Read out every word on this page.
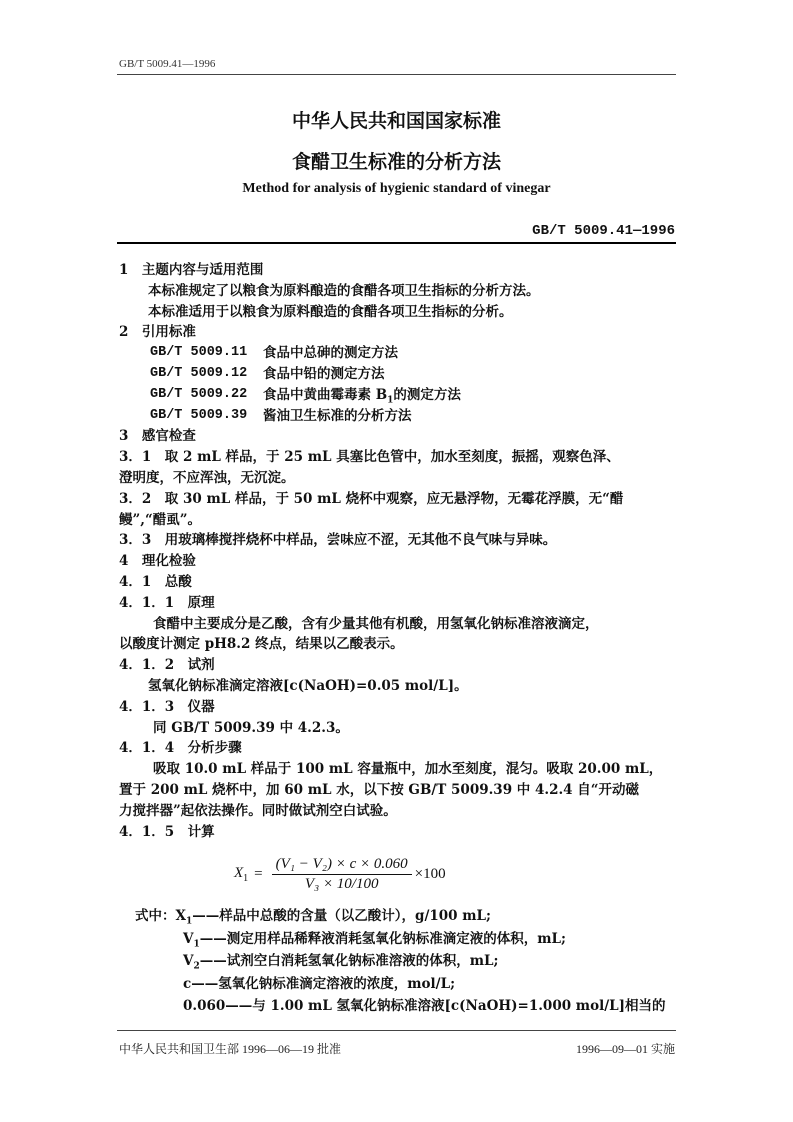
GB/T 5009.41—1996
中华人民共和国国家标准
食醋卫生标准的分析方法
Method for analysis of hygienic standard of vinegar
GB/T 5009.41—1996
1　主题内容与适用范围
本标准规定了以粮食为原料酿造的食醋各项卫生指标的分析方法。
本标准适用于以粮食为原料酿造的食醋各项卫生指标的分析。
2　引用标准
GB/T 5009.11	食品中总砷的测定方法
GB/T 5009.12	食品中铅的测定方法
GB/T 5009.22	食品中黄曲霉毒素 $B_1$的测定方法
GB/T 5009.39	酱油卫生标准的分析方法
3　感官检查
3．1　取 2 mL 样品，于 25 mL 具塞比色管中，加水至刻度，振摇，观察色泽、
澄明度，不应浑浊，无沉淀。
3．2　取 30 mL 样品，于 50 mL 烧杯中观察，应无悬浮物，无霉花浮膜，无“醋
鳗”,“醋虱”。
3．3　用玻璃棒搅拌烧杯中样品，尝味应不涩，无其他不良气味与异味。
4　理化检验
4．1　总酸
4．1．1　原理
食醋中主要成分是乙酸，含有少量其他有机酸，用氢氧化钠标准溶液滴定，
以酸度计测定 pH8.2 终点，结果以乙酸表示。
4．1．2　试剂
氢氧化钠标准滴定溶液[c(NaOH)=0.05 mol/L]。
4．1．3　仪器
同 GB/T 5009.39 中 4.2.3。
4．1．4　分析步骤
吸取 10.0 mL 样品于 100 mL 容量瓶中，加水至刻度，混匀。吸取 20.00 mL，
置于 200 mL 烧杯中，加 60 mL 水，以下按 GB/T 5009.39 中 4.2.4 自“开动磁
力搅拌器”起依法操作。同时做试剂空白试验。
4．1．5　计算
$X_1 = \frac{\text{(V₁ − V₂) × c × 0.060}}{\text{V₃ × 10/100}} \times 100$
式中：$X_1——$样品中总酸的含量（以乙酸计），g/100 mL;
$V_1——$测定用样品稀释液消耗氢氧化钠标准滴定液的体积，mL;
$V_2——$试剂空白消耗氢氧化钠标准溶液的体积，mL;
c——氢氧化钠标准滴定溶液的浓度，mol/L;
0.060——与 1.00 mL 氢氧化钠标准溶液[c(NaOH)=1.000 mol/L]相当的
中华人民共和国卫生部 1996—06—19 批准	1996—09—01 实施
